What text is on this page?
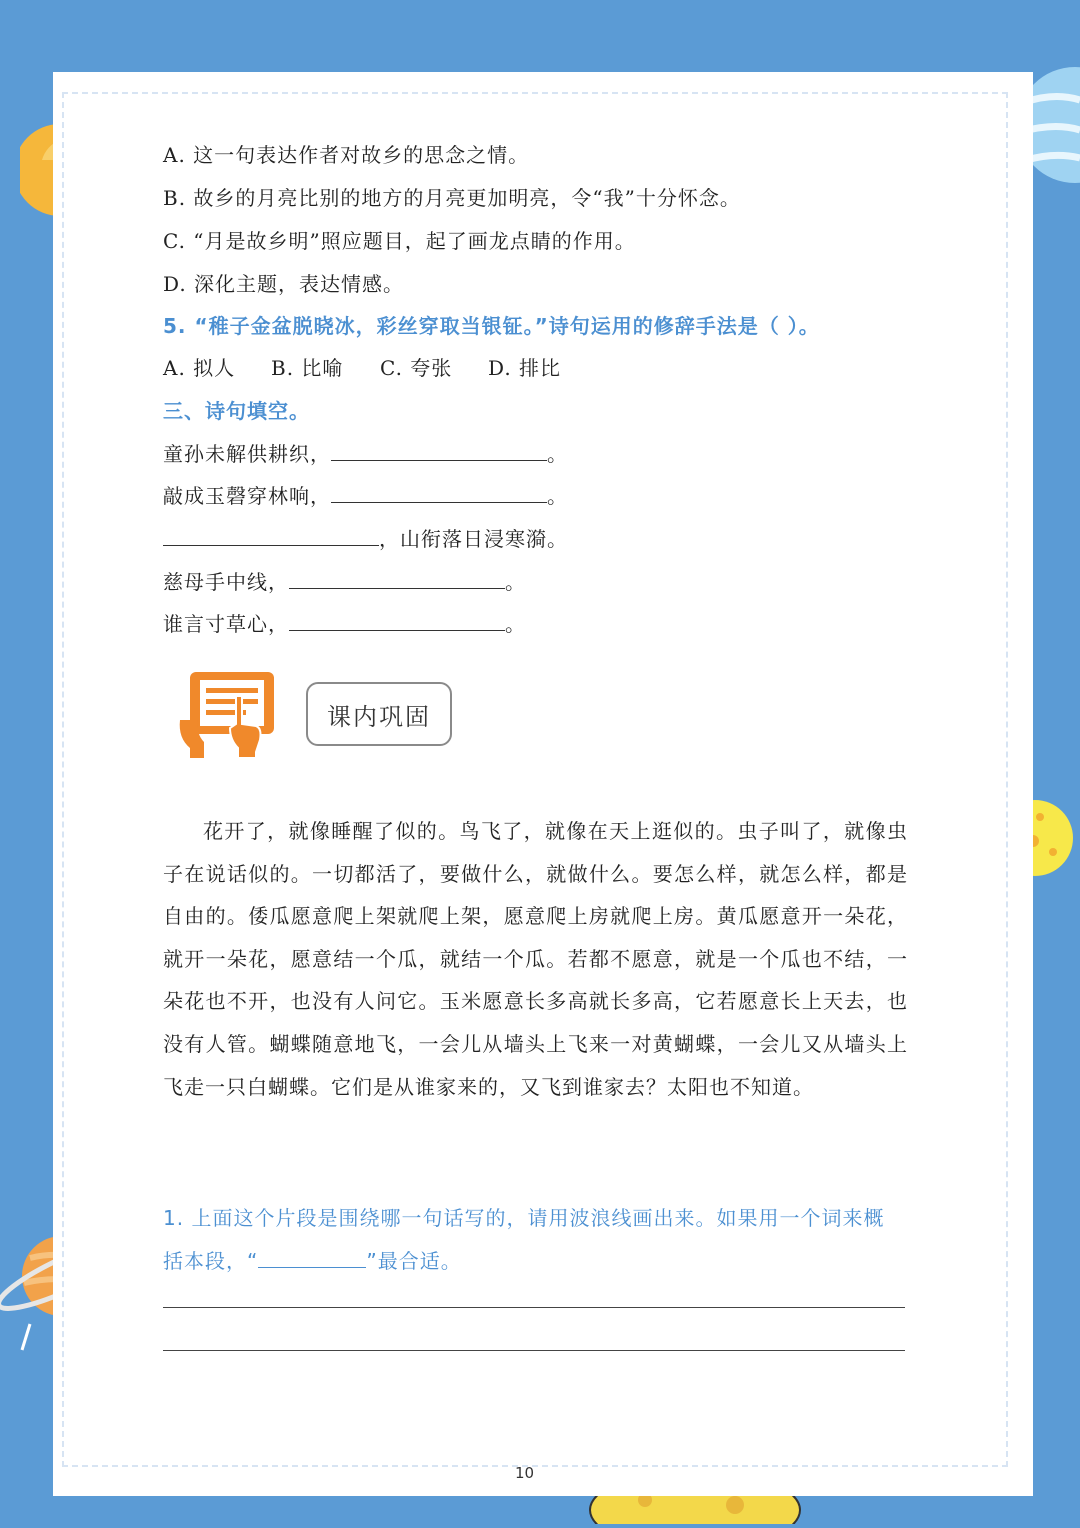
A. 这一句表达作者对故乡的思念之情。
B. 故乡的月亮比别的地方的月亮更加明亮，令“我”十分怀念。
C. “月是故乡明”照应题目，起了画龙点睛的作用。
D. 深化主题，表达情感。
5. “稚子金盆脱晓冰，彩丝穿取当银钲。”诗句运用的修辞手法是（ ）。
A. 拟人 B. 比喻 C. 夸张 D. 排比
三、诗句填空。
童孙未解供耕织，	。
敲成玉磬穿林响，	。
，山衔落日浸寒漪。
慈母手中线，	。
谁言寸草心，	。
课内巩固
花开了，就像睡醒了似的。鸟飞了，就像在天上逛似的。虫子叫了，就像虫子在说话似的。一切都活了，要做什么，就做什么。要怎么样，就怎么样，都是自由的。倭瓜愿意爬上架就爬上架，愿意爬上房就爬上房。黄瓜愿意开一朵花，就开一朵花，愿意结一个瓜，就结一个瓜。若都不愿意，就是一个瓜也不结，一朵花也不开，也没有人问它。玉米愿意长多高就长多高，它若愿意长上天去，也没有人管。蝴蝶随意地飞，一会儿从墙头上飞来一对黄蝴蝶，一会儿又从墙头上飞走一只白蝴蝶。它们是从谁家来的，又飞到谁家去？太阳也不知道。
1. 上面这个片段是围绕哪一句话写的，请用波浪线画出来。如果用一个词来概
括本段，“	”最合适。
10
